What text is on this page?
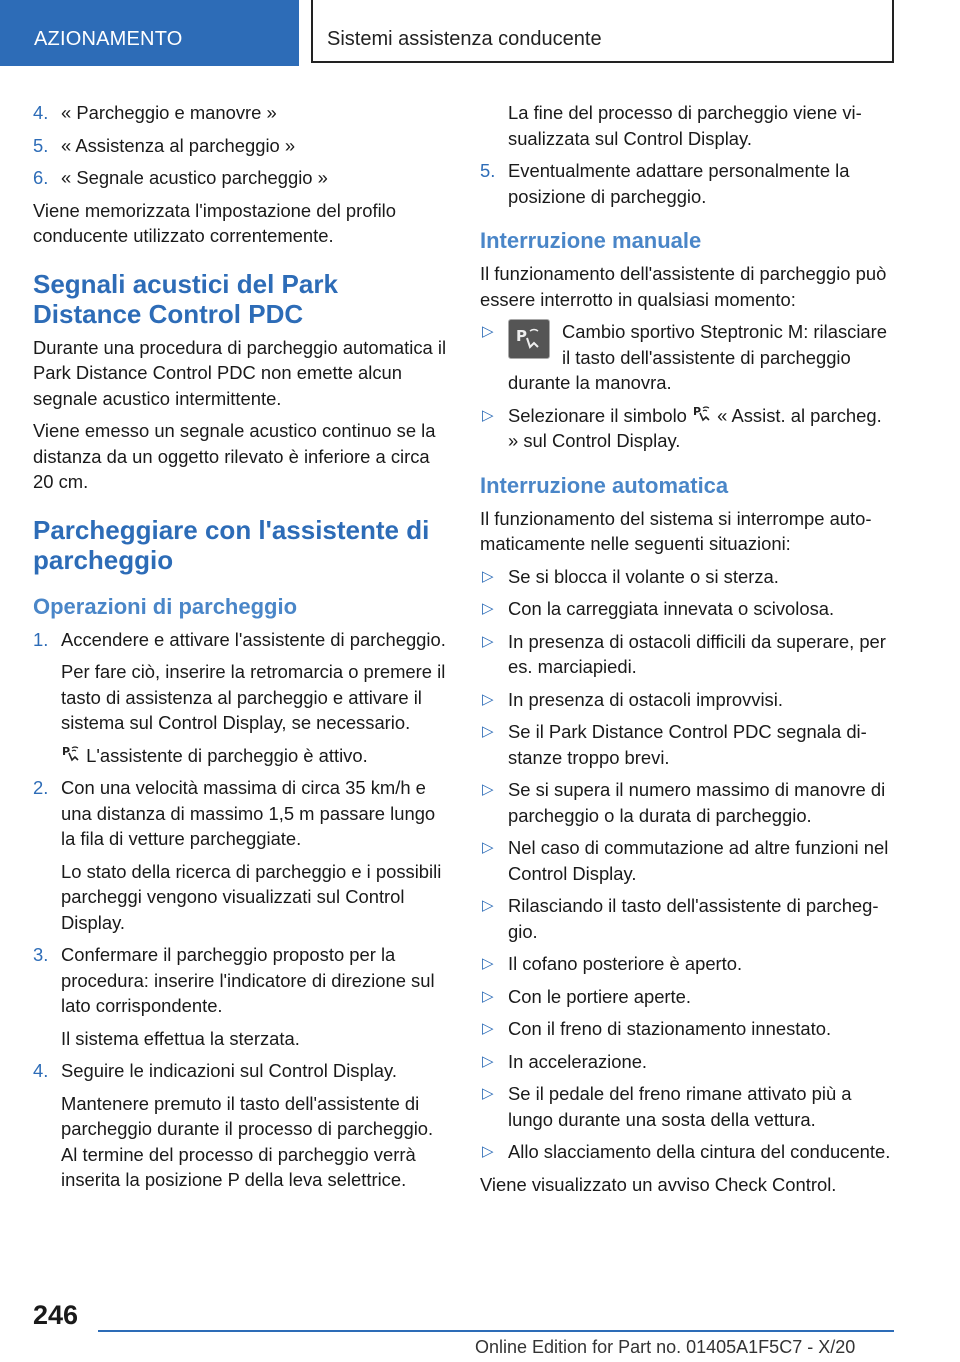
AZIONAMENTO	Sistemi assistenza conducente
4. « Parcheggio e manovre »
5. « Assistenza al parcheggio »
6. « Segnale acustico parcheggio »

Viene memorizzata l'impostazione del profilo conducente utilizzato correntemente.

Segnali acustici del Park Distance Control PDC

Durante una procedura di parcheggio automatica il Park Distance Control PDC non emette alcun segnale acustico intermittente.

Viene emesso un segnale acustico continuo se la distanza da un oggetto rilevato è inferiore a circa 20 cm.

Parcheggiare con l'assistente di parcheggio
Operazioni di parcheggio
1. Accendere e attivare l'assistente di parcheggio.

Per fare ciò, inserire la retromarcia o premere il tasto di assistenza al parcheggio e attivare il sistema sul Control Display, se necessario.

P L'assistente di parcheggio è attivo.

2. Con una velocità massima di circa 35 km/h e una distanza di massimo 1,5 m passare lungo la fila di vetture parcheggiate.

Lo stato della ricerca di parcheggio e i possibili parcheggi vengono visualizzati sul Control Display.

3. Confermare il parcheggio proposto per la procedura: inserire l'indicatore di direzione sul lato corrispondente.

Il sistema effettua la sterzata.

4. Seguire le indicazioni sul Control Display.

Mantenere premuto il tasto dell'assistente di parcheggio durante il processo di parcheggio. Al termine del processo di parcheggio verrà inserita la posizione P della leva selettrice.

La fine del processo di parcheggio viene visualizzata sul Control Display.

5. Eventualmente adattare personalmente la posizione di parcheggio.
Interruzione manuale

Il funzionamento dell'assistente di parcheggio può essere interrotto in qualsiasi momento:

▷ P Cambio sportivo Steptronic M: rilasciare il tasto dell'assistente di parcheggio durante la manovra.
▷ Selezionare il simbolo P « Assist. al parcheg. » sul Control Display.
Interruzione automatica

Il funzionamento del sistema si interrompe automaticamente nelle seguenti situazioni:

▷ Se si blocca il volante o si sterza.
▷ Con la carreggiata innevata o scivolosa.
▷ In presenza di ostacoli difficili da superare, per es. marciapiedi.
▷ In presenza di ostacoli improvvisi.
▷ Se il Park Distance Control PDC segnala distanze troppo brevi.
▷ Se si supera il numero massimo di manovre di parcheggio o la durata di parcheggio.
▷ Nel caso di commutazione ad altre funzioni nel Control Display.
▷ Rilasciando il tasto dell'assistente di parcheggio.
▷ Il cofano posteriore è aperto.
▷ Con le portiere aperte.
▷ Con il freno di stazionamento innestato.
▷ In accelerazione.
▷ Se il pedale del freno rimane attivato più a lungo durante una sosta della vettura.
▷ Allo slacciamento della cintura del conducente.

Viene visualizzato un avviso Check Control.

246
Online Edition for Part no. 01405A1F5C7 - X/20
